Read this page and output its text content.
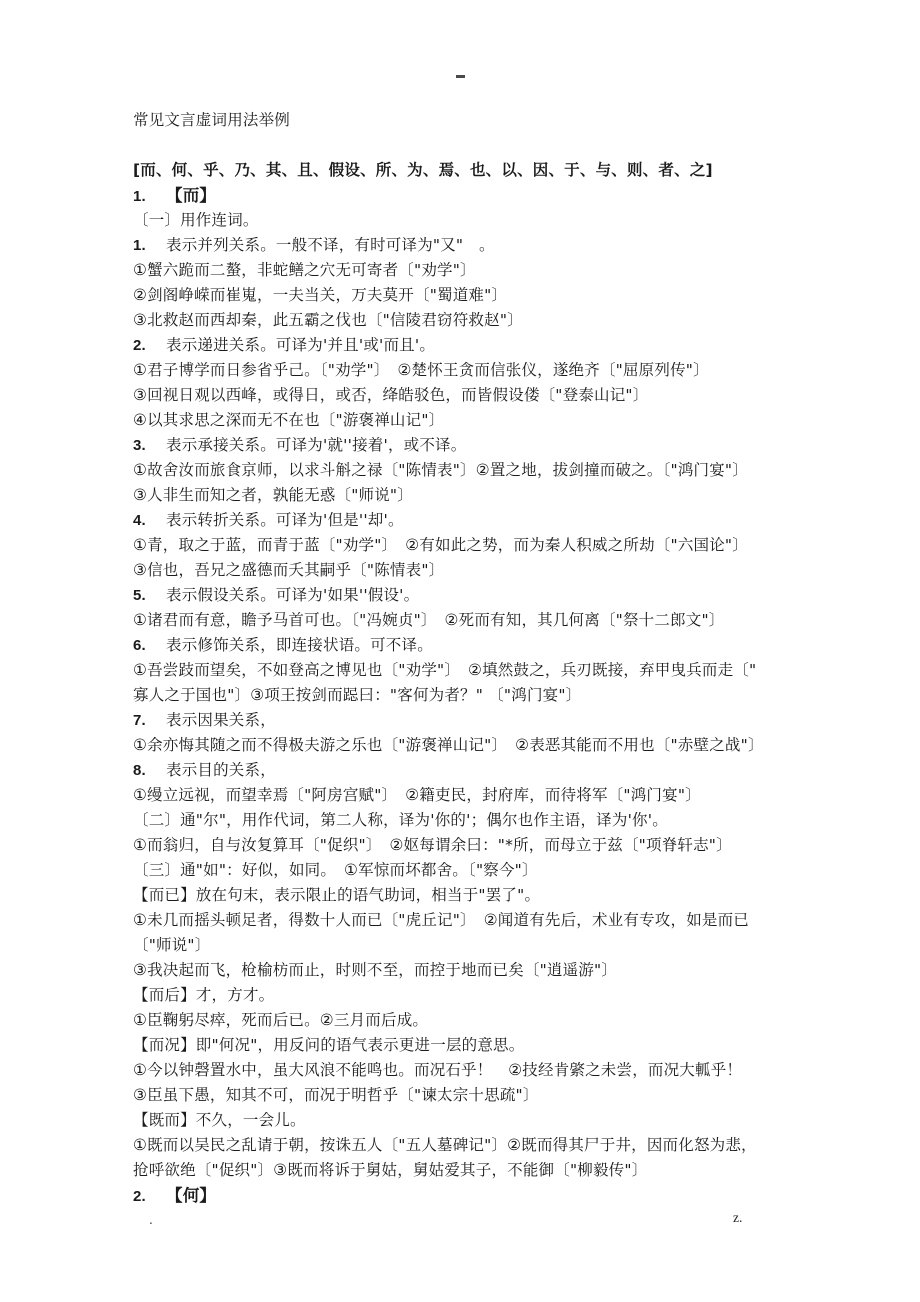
常见文言虚词用法举例
[而、何、乎、乃、其、且、假设、所、为、焉、也、以、因、于、与、则、者、之]
1. 【而】
〔一〕用作连词。
1. 表示并列关系。一般不译，有时可译为"又"　。
①蟹六跪而二螯，非蛇鳝之穴无可寄者〔"劝学"〕
②剑阁峥嵘而崔嵬，一夫当关，万夫莫开〔"蜀道难"〕
③北救赵而西却秦，此五霸之伐也〔"信陵君窃符救赵"〕
2. 表示递进关系。可译为'并且'或'而且'。
①君子博学而日参省乎己。〔"劝学"〕　②楚怀王贪而信张仪，遂绝齐〔"屈原列传"〕
③回视日观以西峰，或得日，或否，绛皓驳色，而皆假设偻〔"登泰山记"〕
④以其求思之深而无不在也〔"游褒禅山记"〕
3. 表示承接关系。可译为'就''接着'，或不译。
①故舍汝而旅食京师，以求斗斛之禄〔"陈情表"〕②置之地，拔剑撞而破之。〔"鸿门宴"〕
③人非生而知之者，孰能无惑〔"师说"〕
4. 表示转折关系。可译为'但是''却'。
①青，取之于蓝，而青于蓝〔"劝学"〕　②有如此之势，而为秦人积威之所劫〔"六国论"〕
③信也，吾兄之盛德而夭其嗣乎〔"陈情表"〕
5. 表示假设关系。可译为'如果''假设'。
①诸君而有意，瞻予马首可也。〔"冯婉贞"〕　②死而有知，其几何离〔"祭十二郎文"〕
6. 表示修饰关系，即连接状语。可不译。
①吾尝跂而望矣，不如登高之博见也〔"劝学"〕　②填然鼓之，兵刃既接，弃甲曳兵而走〔"
寡人之于国也"〕③项王按剑而跽曰："客何为者？" 〔"鸿门宴"〕
7. 表示因果关系，
①余亦悔其随之而不得极夫游之乐也〔"游褒禅山记"〕　②表恶其能而不用也〔"赤壁之战"〕
8. 表示目的关系，
①缦立远视，而望幸焉〔"阿房宫赋"〕　②籍吏民，封府库，而待将军〔"鸿门宴"〕
〔二〕通"尔"，用作代词，第二人称，译为'你的'；偶尔也作主语，译为'你'。
①而翁归，自与汝复算耳〔"促织"〕　②妪每谓余曰："*所，而母立于兹〔"项脊轩志"〕
〔三〕通"如"：好似，如同。　①军惊而坏都舍。〔"察今"〕
【而已】放在句末，表示限止的语气助词，相当于"罢了"。
①未几而摇头顿足者，得数十人而已〔"虎丘记"〕　②闻道有先后，术业有专攻，如是而已
〔"师说"〕
③我决起而飞，枪榆枋而止，时则不至，而控于地而已矣〔"逍遥游"〕
【而后】才，方才。
①臣鞠躬尽瘁，死而后已。②三月而后成。
【而况】即"何况"，用反问的语气表示更进一层的意思。
①今以钟磬置水中，虽大风浪不能鸣也。而况石乎！　②技经肯綮之未尝，而况大軱乎！
③臣虽下愚，知其不可，而况于明哲乎〔"谏太宗十思疏"〕
【既而】不久，一会儿。
①既而以吴民之乱请于朝，按诛五人〔"五人墓碑记"〕②既而得其尸于井，因而化怒为悲，
抢呼欲绝〔"促织"〕③既而将诉于舅姑，舅姑爱其子，不能御〔"柳毅传"〕
2. 【何】
.	z.
